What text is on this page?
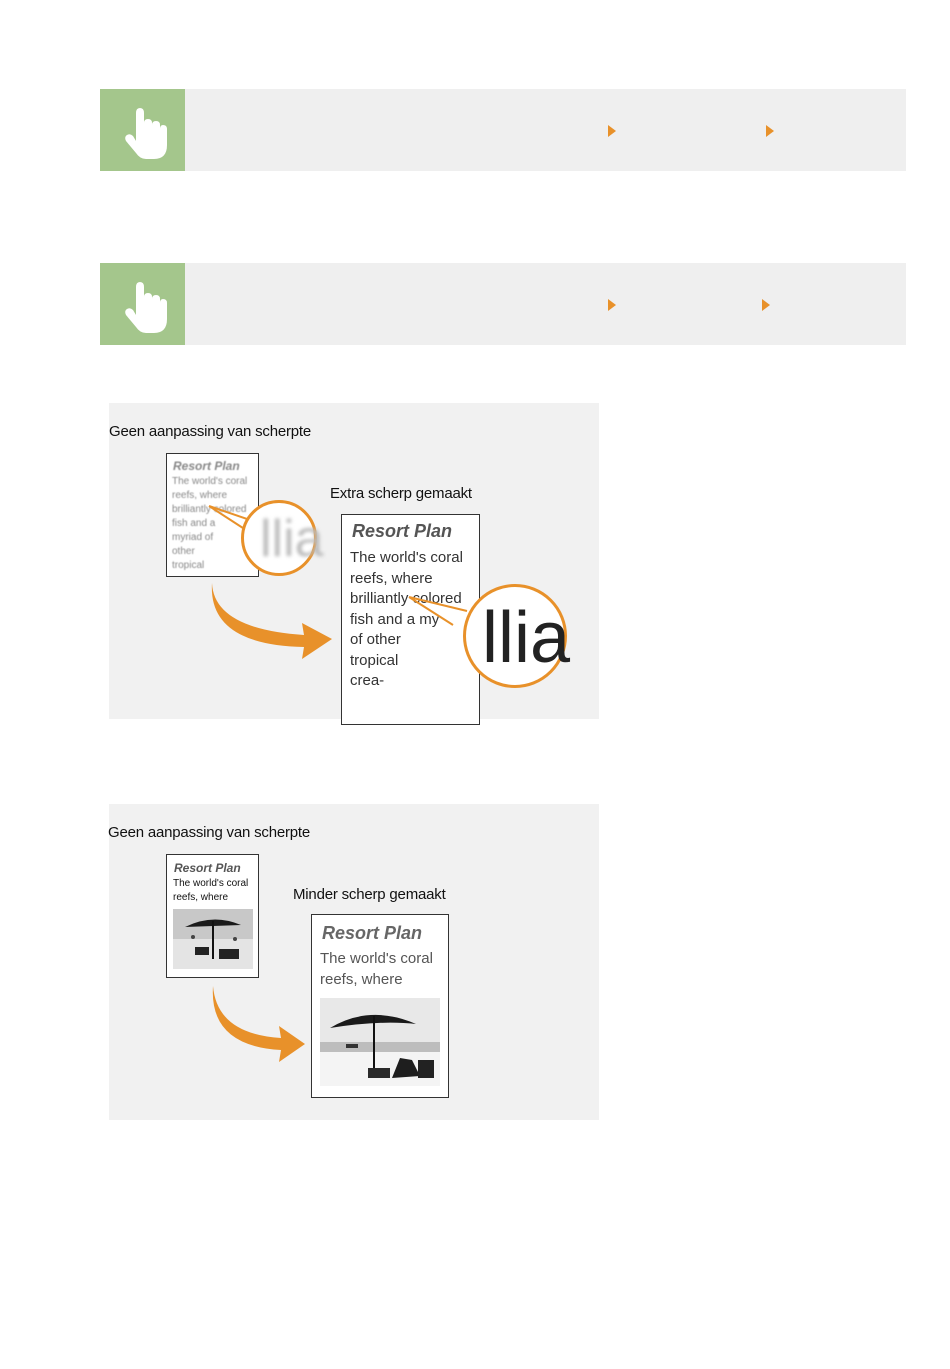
Geen aanpassing van scherpte
Extra scherp gemaakt
Resort Plan
The world's coral
reefs, where
brilliantly colored
fish and a
myriad of
other
tropical llia Resort Plan
The world's coral
reefs, where
brilliantly colored
fish and a my
of other
tropical
crea-
llia
Geen aanpassing van scherpte
Minder scherp gemaakt
Resort Plan
The world's coral
reefs, where
Resort Plan
The world's coral
reefs, where
